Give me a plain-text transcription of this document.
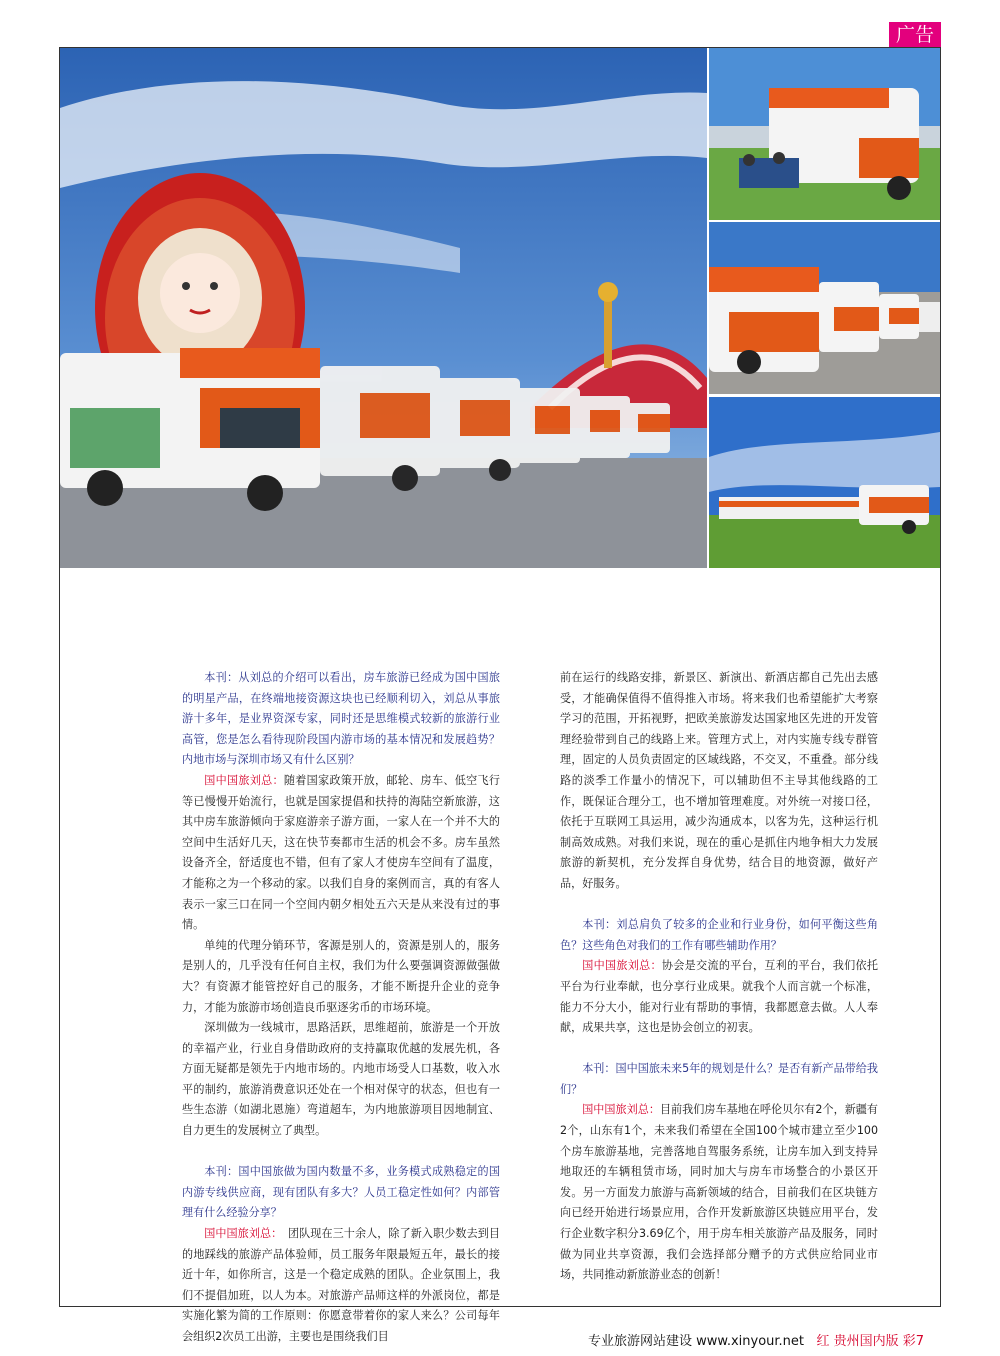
广告

本刊：从刘总的介绍可以看出，房车旅游已经成为国中国旅的明星产品，在终端地接资源这块也已经顺利切入，刘总从事旅游十多年，是业界资深专家，同时还是思维模式较新的旅游行业高管，您是怎么看待现阶段国内游市场的基本情况和发展趋势？内地市场与深圳市场又有什么区别？

国中国旅刘总：随着国家政策开放，邮轮、房车、低空飞行等已慢慢开始流行，也就是国家提倡和扶持的海陆空新旅游，这其中房车旅游倾向于家庭游亲子游方面，一家人在一个并不大的空间中生活好几天，这在快节奏都市生活的机会不多。房车虽然设备齐全，舒适度也不错，但有了家人才使房车空间有了温度，才能称之为一个移动的家。以我们自身的案例而言，真的有客人表示一家三口在同一个空间内朝夕相处五六天是从来没有过的事情。

单纯的代理分销环节，客源是别人的，资源是别人的，服务是别人的，几乎没有任何自主权，我们为什么要强调资源做强做大？有资源才能管控好自己的服务，才能不断提升企业的竞争力，才能为旅游市场创造良币驱逐劣币的市场环境。

深圳做为一线城市，思路活跃，思维超前，旅游是一个开放的幸福产业，行业自身借助政府的支持赢取优越的发展先机，各方面无疑都是领先于内地市场的。内地市场受人口基数，收入水平的制约，旅游消费意识还处在一个相对保守的状态，但也有一些生态游（如湖北恩施）弯道超车，为内地旅游项目因地制宜、自力更生的发展树立了典型。

本刊：国中国旅做为国内数量不多，业务模式成熟稳定的国内游专线供应商，现有团队有多大？人员工稳定性如何？内部管理有什么经验分享？

国中国旅刘总：　团队现在三十余人，除了新入职少数去到目的地踩线的旅游产品体验师，员工服务年限最短五年，最长的接近十年，如你所言，这是一个稳定成熟的团队。企业氛围上，我们不提倡加班，以人为本。对旅游产品师这样的外派岗位，都是实施化繁为简的工作原则：你愿意带着你的家人来么？公司每年会组织2次员工出游，主要也是围绕我们目

前在运行的线路安排，新景区、新演出、新酒店都自己先出去感受，才能确保值得不值得推入市场。将来我们也希望能扩大考察学习的范围，开拓视野，把欧美旅游发达国家地区先进的开发管理经验带到自己的线路上来。管理方式上，对内实施专线专群管理，固定的人员负责固定的区域线路，不交叉，不重叠。部分线路的淡季工作量小的情况下，可以辅助但不主导其他线路的工作，既保证合理分工，也不增加管理难度。对外统一对接口径，依托于互联网工具运用，减少沟通成本，以客为先，这种运行机制高效成熟。对我们来说，现在的重心是抓住内地争相大力发展旅游的新契机，充分发挥自身优势，结合目的地资源，做好产品，好服务。

本刊：刘总肩负了较多的企业和行业身份，如何平衡这些角色？这些角色对我们的工作有哪些辅助作用？

国中国旅刘总：协会是交流的平台，互利的平台，我们依托平台为行业奉献，也分享行业成果。就我个人而言就一个标准，能力不分大小，能对行业有帮助的事情，我都愿意去做。人人奉献，成果共享，这也是协会创立的初衷。

本刊：国中国旅未来5年的规划是什么？是否有新产品带给我们？

国中国旅刘总：目前我们房车基地在呼伦贝尔有2个，新疆有2个，山东有1个，未来我们希望在全国100个城市建立至少100个房车旅游基地，完善落地自驾服务系统，让房车加入到支持异地取还的车辆租赁市场，同时加大与房车市场整合的小景区开发。另一方面发力旅游与高新领域的结合，目前我们在区块链方向已经开始进行场景应用，合作开发新旅游区块链应用平台，发行企业数字积分3.69亿个，用于房车相关旅游产品及服务，同时做为同业共享资源，我们会选择部分赠予的方式供应给同业市场，共同推动新旅游业态的创新！

专业旅游网站建设 www.xinyour.net 红 贵州国内版 彩7
